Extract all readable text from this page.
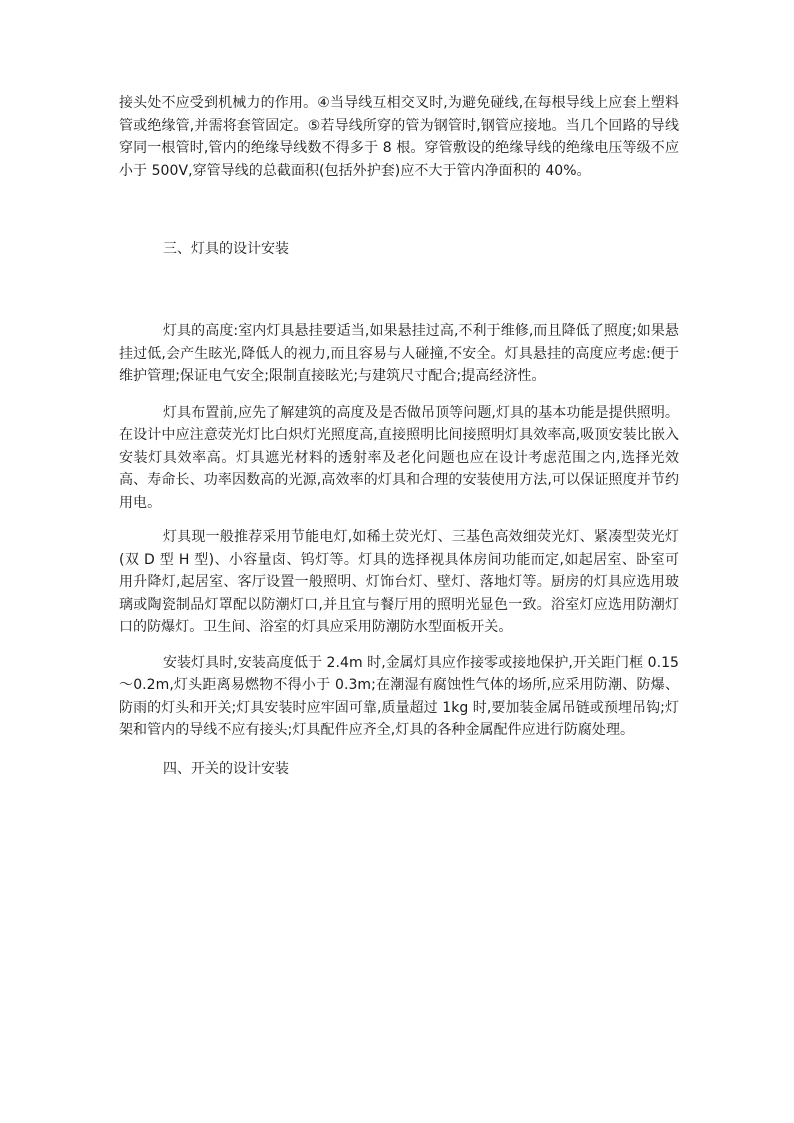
接头处不应受到机械力的作用。④当导线互相交叉时,为避免碰线,在每根导线上应套上塑料管或绝缘管,并需将套管固定。⑤若导线所穿的管为钢管时,钢管应接地。当几个回路的导线穿同一根管时,管内的绝缘导线数不得多于 8 根。穿管敷设的绝缘导线的绝缘电压等级不应小于 500V,穿管导线的总截面积(包括外护套)应不大于管内净面积的 40%。

三、灯具的设计安装

灯具的高度:室内灯具悬挂要适当,如果悬挂过高,不利于维修,而且降低了照度;如果悬挂过低,会产生眩光,降低人的视力,而且容易与人碰撞,不安全。灯具悬挂的高度应考虑:便于维护管理;保证电气安全;限制直接眩光;与建筑尺寸配合;提高经济性。

灯具布置前,应先了解建筑的高度及是否做吊顶等问题,灯具的基本功能是提供照明。在设计中应注意荧光灯比白炽灯光照度高,直接照明比间接照明灯具效率高,吸顶安装比嵌入安装灯具效率高。灯具遮光材料的透射率及老化问题也应在设计考虑范围之内,选择光效高、寿命长、功率因数高的光源,高效率的灯具和合理的安装使用方法,可以保证照度并节约用电。

灯具现一般推荐采用节能电灯,如稀土荧光灯、三基色高效细荧光灯、紧凑型荧光灯(双 D 型 H 型)、小容量卤、钨灯等。灯具的选择视具体房间功能而定,如起居室、卧室可用升降灯,起居室、客厅设置一般照明、灯饰台灯、壁灯、落地灯等。厨房的灯具应选用玻璃或陶瓷制品灯罩配以防潮灯口,并且宜与餐厅用的照明光显色一致。浴室灯应选用防潮灯口的防爆灯。卫生间、浴室的灯具应采用防潮防水型面板开关。

安装灯具时,安装高度低于 2.4m 时,金属灯具应作接零或接地保护,开关距门框 0.15～0.2m,灯头距离易燃物不得小于 0.3m;在潮湿有腐蚀性气体的场所,应采用防潮、防爆、防雨的灯头和开关;灯具安装时应牢固可靠,质量超过 1kg 时,要加装金属吊链或预埋吊钩;灯架和管内的导线不应有接头;灯具配件应齐全,灯具的各种金属配件应进行防腐处理。

四、开关的设计安装
